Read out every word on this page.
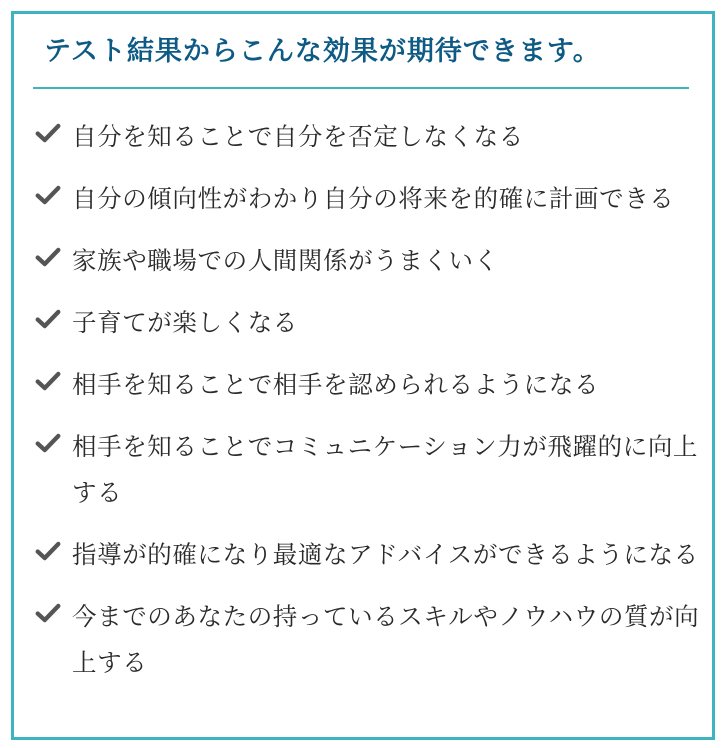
テスト結果からこんな効果が期待できます。
自分を知ることで自分を否定しなくなる
自分の傾向性がわかり自分の将来を的確に計画できる
家族や職場での人間関係がうまくいく
子育てが楽しくなる
相手を知ることで相手を認められるようになる
相手を知ることでコミュニケーション力が飛躍的に向上する
指導が的確になり最適なアドバイスができるようになる
今までのあなたの持っているスキルやノウハウの質が向上する
